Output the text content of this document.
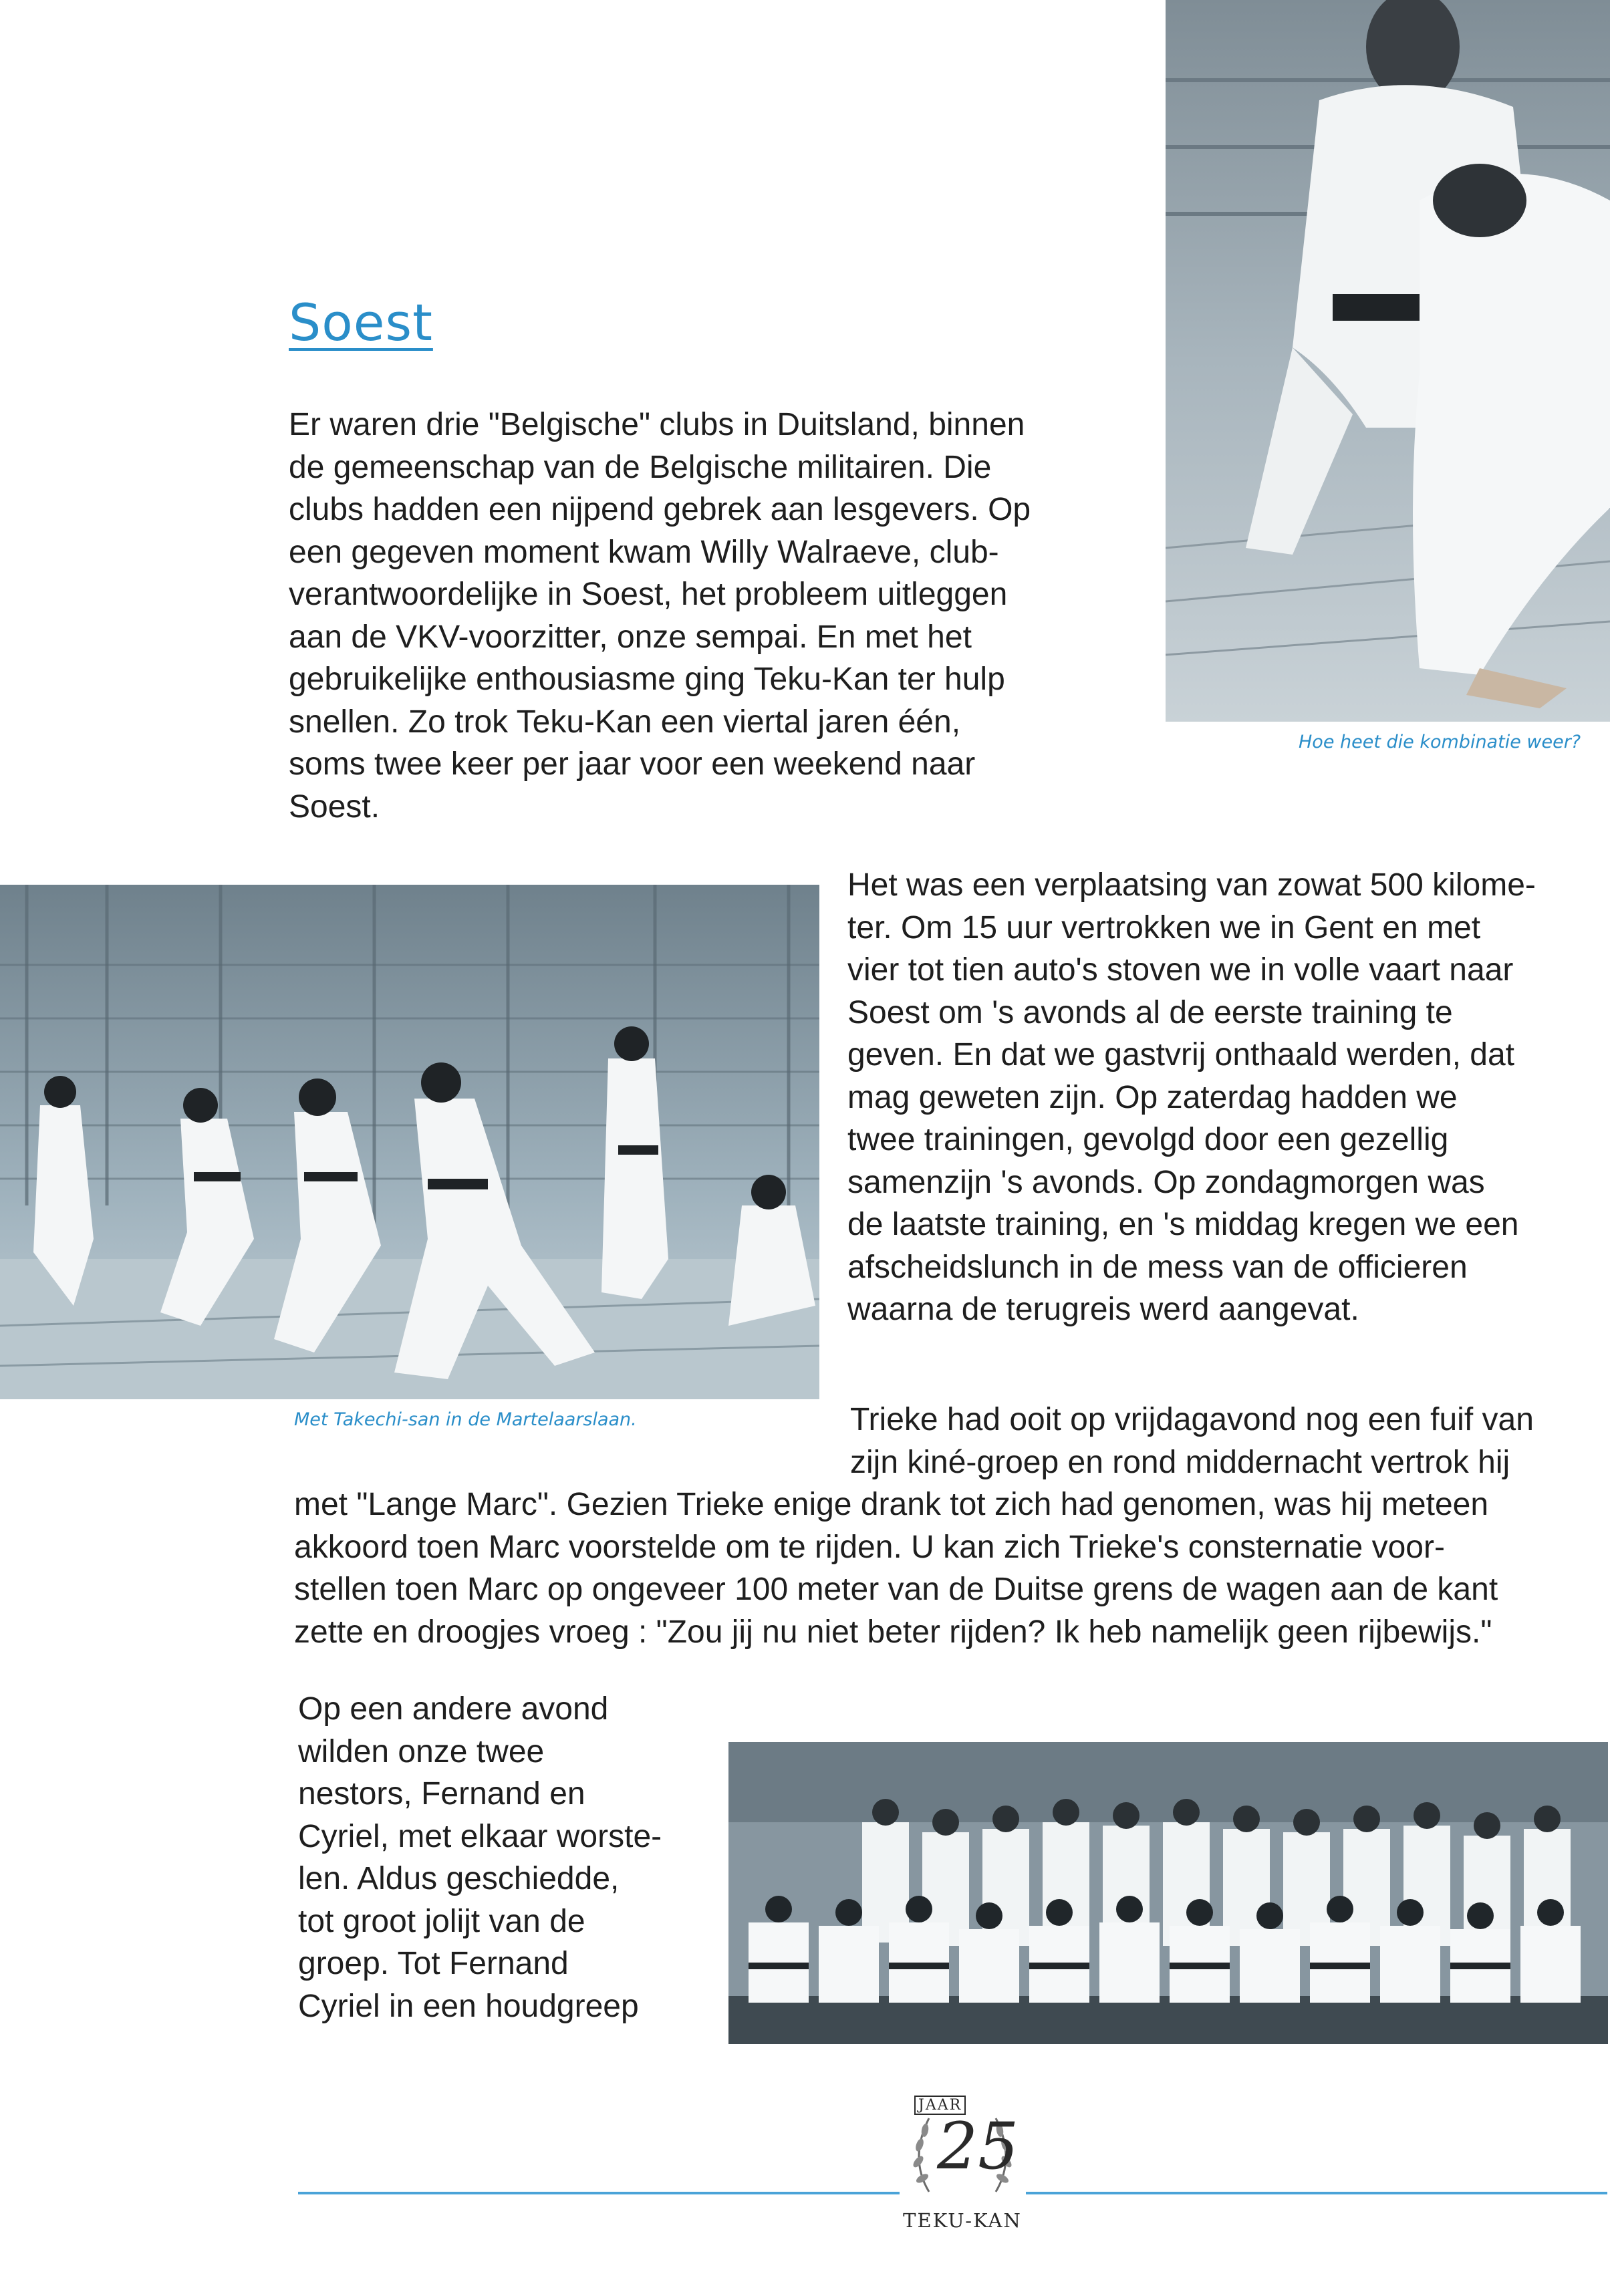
Soest
Er waren drie "Belgische" clubs in Duitsland, binnen
de gemeenschap van de Belgische militairen. Die
clubs hadden een nijpend gebrek aan lesgevers. Op
een gegeven moment kwam Willy Walraeve, club-
verantwoordelijke in Soest, het probleem uitleggen
aan de VKV-voorzitter, onze sempai. En met het
gebruikelijke enthousiasme ging Teku-Kan ter hulp
snellen. Zo trok Teku-Kan een viertal jaren één,
soms twee keer per jaar voor een weekend naar
Soest.
Hoe heet die kombinatie weer?
Met Takechi-san in de Martelaarslaan.
Het was een verplaatsing van zowat 500 kilome-
ter. Om 15 uur vertrokken we in Gent en met
vier tot tien auto's stoven we in volle vaart naar
Soest om 's avonds al de eerste training te
geven. En dat we gastvrij onthaald werden, dat
mag geweten zijn. Op zaterdag hadden we
twee trainingen, gevolgd door een gezellig
samenzijn 's avonds. Op zondagmorgen was
de laatste training, en 's middag kregen we een
afscheidslunch in de mess van de officieren
waarna de terugreis werd aangevat.
Trieke had ooit op vrijdagavond nog een fuif van
zijn kiné-groep en rond middernacht vertrok hij
met "Lange Marc". Gezien Trieke enige drank tot zich had genomen, was hij meteen
akkoord toen Marc voorstelde om te rijden. U kan zich Trieke's consternatie voor-
stellen toen Marc op ongeveer 100 meter van de Duitse grens de wagen aan de kant
zette en droogjes vroeg : "Zou jij nu niet beter rijden? Ik heb namelijk geen rijbewijs."
Op een andere avond
wilden onze twee
nestors, Fernand en
Cyriel, met elkaar worste-
len. Aldus geschiedde,
tot groot jolijt van de
groep. Tot Fernand
Cyriel in een houdgreep
JAAR
25
TEKU-KAN
